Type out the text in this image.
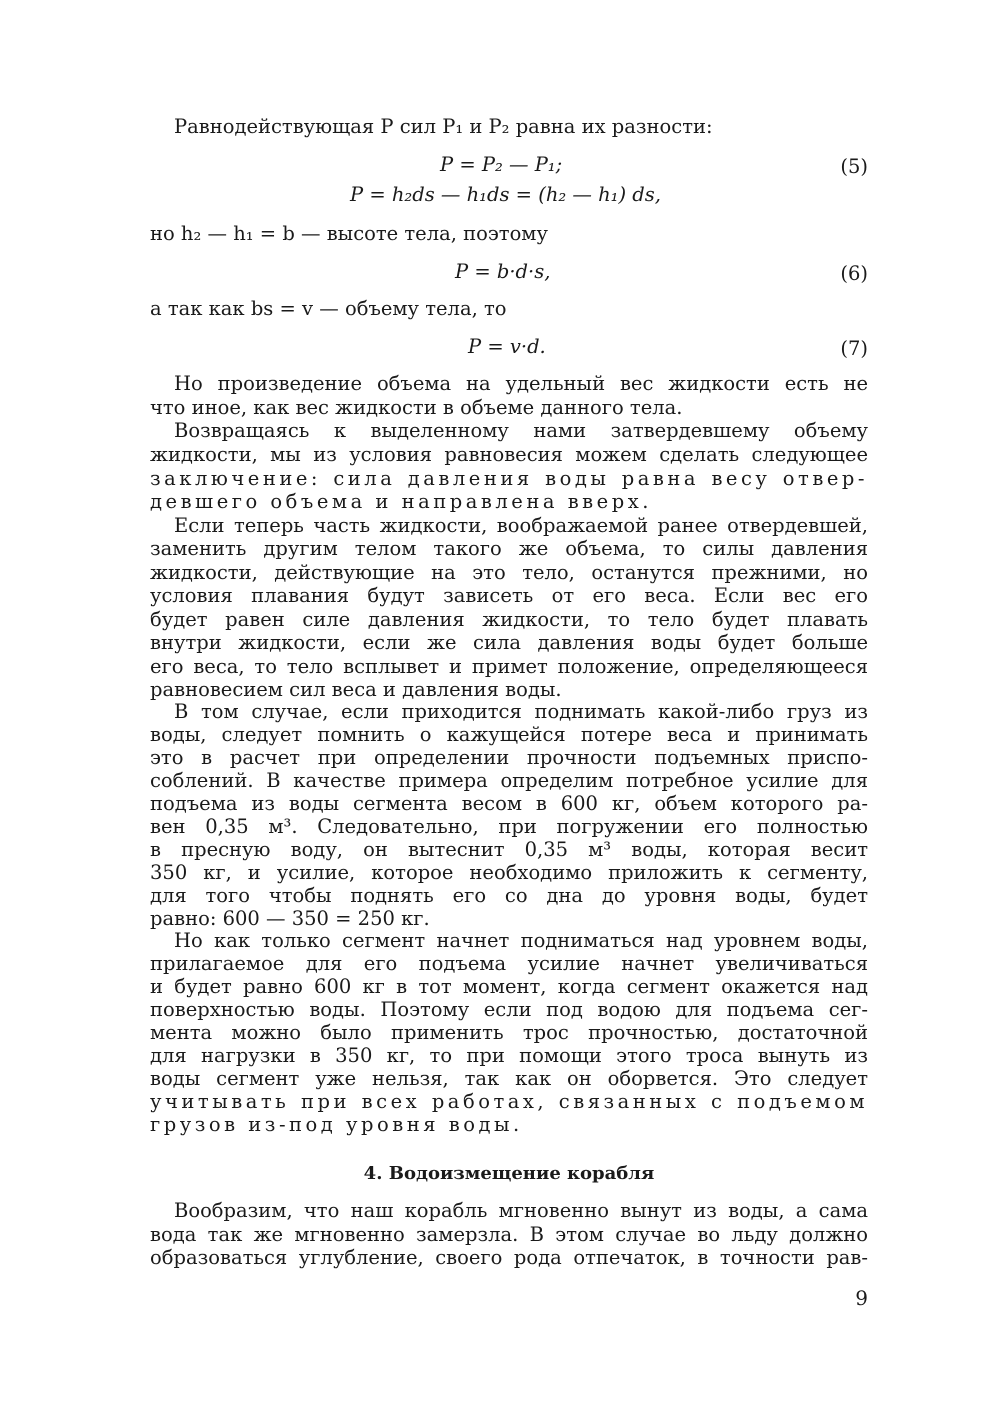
Равнодействующая P сил P₁ и P₂ равна их разности:
P = P₂ — P₁;	(5)
P = h₂ds — h₁ds = (h₂ — h₁) ds,
но h₂ — h₁ = b — высоте тела, поэтому
P = b·d·s,	(6)
а так как bs = v — объему тела, то
P = v·d.	(7)
Но произведение объема на удельный вес жидкости есть не
что иное, как вес жидкости в объеме данного тела.
Возвращаясь к выделенному нами затвердевшему объему
жидкости, мы из условия равновесия можем сделать следующее
заключение: сила давления воды равна весу отвер-
девшего объема и направлена вверх.
Если теперь часть жидкости, воображаемой ранее отвердевшей,
заменить другим телом такого же объема, то силы давления
жидкости, действующие на это тело, останутся прежними, но
условия плавания будут зависеть от его веса. Если вес его
будет равен силе давления жидкости, то тело будет плавать
внутри жидкости, если же сила давления воды будет больше
его веса, то тело всплывет и примет положение, определяющееся
равновесием сил веса и давления воды.
В том случае, если приходится поднимать какой-либо груз из
воды, следует помнить о кажущейся потере веса и принимать
это в расчет при определении прочности подъемных приспо-
соблений. В качестве примера определим потребное усилие для
подъема из воды сегмента весом в 600 кг, объем которого ра-
вен 0,35 м³. Следовательно, при погружении его полностью
в пресную воду, он вытеснит 0,35 м³ воды, которая весит
350 кг, и усилие, которое необходимо приложить к сегменту,
для того чтобы поднять его со дна до уровня воды, будет
равно: 600 — 350 = 250 кг.
Но как только сегмент начнет подниматься над уровнем воды,
прилагаемое для его подъема усилие начнет увеличиваться
и будет равно 600 кг в тот момент, когда сегмент окажется над
поверхностью воды. Поэтому если под водою для подъема сег-
мента можно было применить трос прочностью, достаточной
для нагрузки в 350 кг, то при помощи этого троса вынуть из
воды сегмент уже нельзя, так как он оборвется. Это следует
учитывать при всех работах, связанных с подъемом
грузов из-под уровня воды.
4. Водоизмещение корабля
Вообразим, что наш корабль мгновенно вынут из воды, а сама
вода так же мгновенно замерзла. В этом случае во льду должно
образоваться углубление, своего рода отпечаток, в точности рав-
9
